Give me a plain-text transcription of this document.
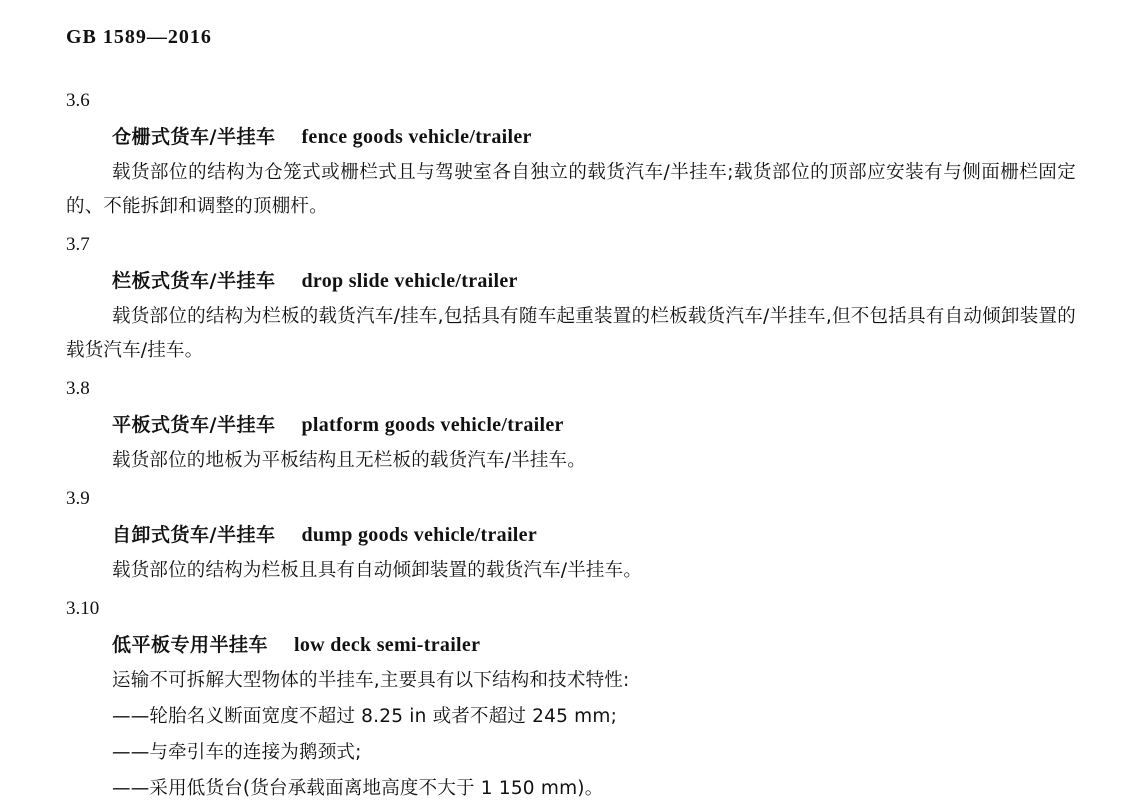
GB 1589—2016
3.6
仓栅式货车/半挂车 fence goods vehicle/trailer
载货部位的结构为仓笼式或栅栏式且与驾驶室各自独立的载货汽车/半挂车;载货部位的顶部应安装有与侧面栅栏固定的、不能拆卸和调整的顶棚杆。
3.7
栏板式货车/半挂车 drop slide vehicle/trailer
载货部位的结构为栏板的载货汽车/挂车,包括具有随车起重装置的栏板载货汽车/半挂车,但不包括具有自动倾卸装置的载货汽车/挂车。
3.8
平板式货车/半挂车 platform goods vehicle/trailer
载货部位的地板为平板结构且无栏板的载货汽车/半挂车。
3.9
自卸式货车/半挂车 dump goods vehicle/trailer
载货部位的结构为栏板且具有自动倾卸装置的载货汽车/半挂车。
3.10
低平板专用半挂车 low deck semi-trailer
运输不可拆解大型物体的半挂车,主要具有以下结构和技术特性:
——轮胎名义断面宽度不超过 8.25 in 或者不超过 245 mm;
——与牵引车的连接为鹅颈式;
——采用低货台(货台承载面离地高度不大于 1 150 mm)。
